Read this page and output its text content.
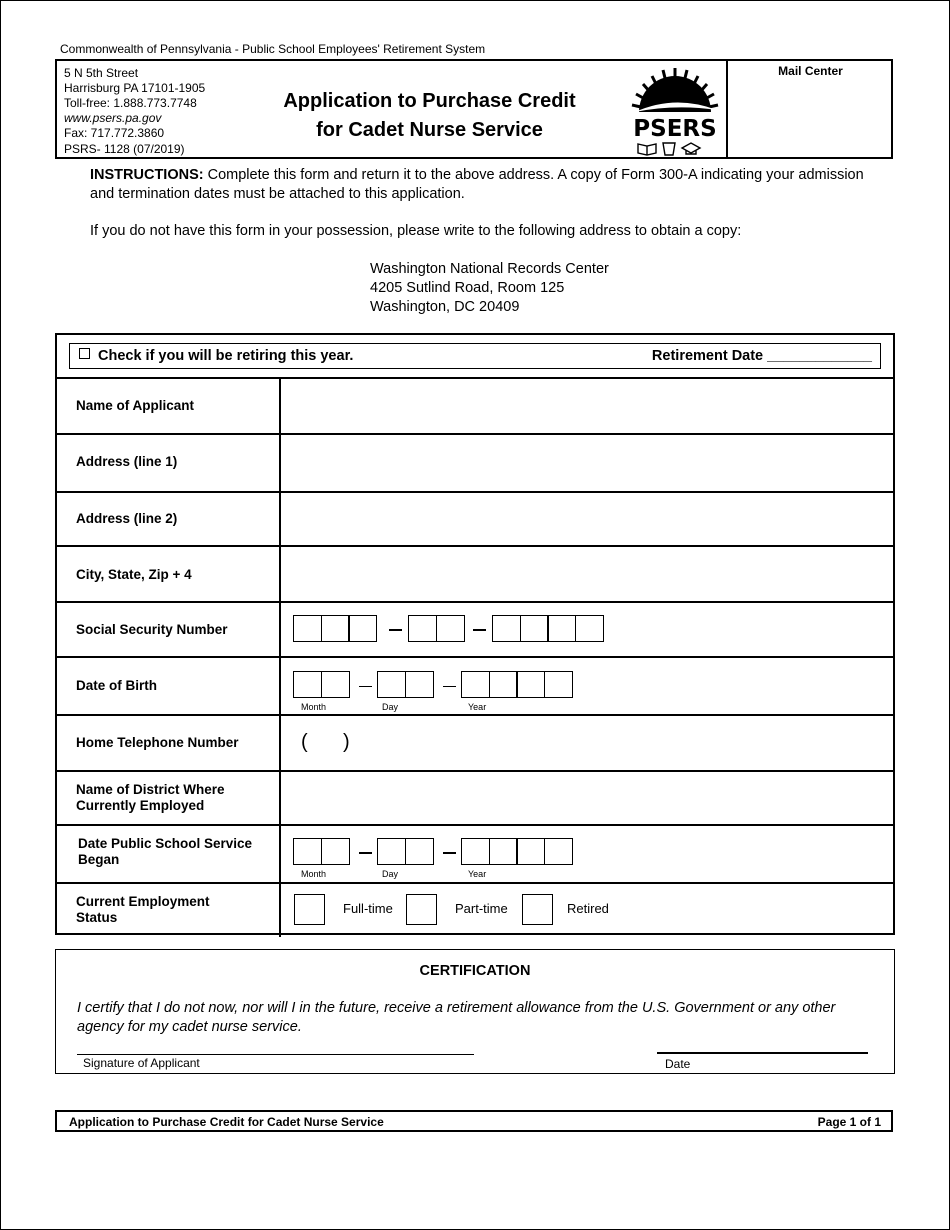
Commonwealth of Pennsylvania - Public School Employees' Retirement System
5 N 5th Street
Harrisburg PA 17101-1905
Toll-free: 1.888.773.7748
www.psers.pa.gov
Fax: 717.772.3860
PSRS- 1128 (07/2019)
Application to Purchase Credit
for Cadet Nurse Service	PSERS
Mail Center

INSTRUCTIONS: Complete this form and return it to the above address. A copy of Form 300-A indicating your admission and termination dates must be attached to this application.

If you do not have this form in your possession, please write to the following address to obtain a copy:

Washington National Records Center
4205 Sutlind Road, Room 125
Washington, DC 20409
Check if you will be retiring this year.	Retirement Date _____________
Name of Applicant
Address (line 1)
Address (line 2)
City, State, Zip + 4
Social Security Number
Date of Birth
Month	Day	Year
Home Telephone Number	( )
Name of District Where
Currently Employed
Date Public School Service
Began
Month	Day	Year
Current Employment
Status
Full-time	Part-time	Retired
CERTIFICATION
I certify that I do not now, nor will I in the future, receive a retirement allowance from the U.S. Government or any other agency for my cadet nurse service.
Signature of Applicant	Date
Application to Purchase Credit for Cadet Nurse Service	Page 1 of 1
